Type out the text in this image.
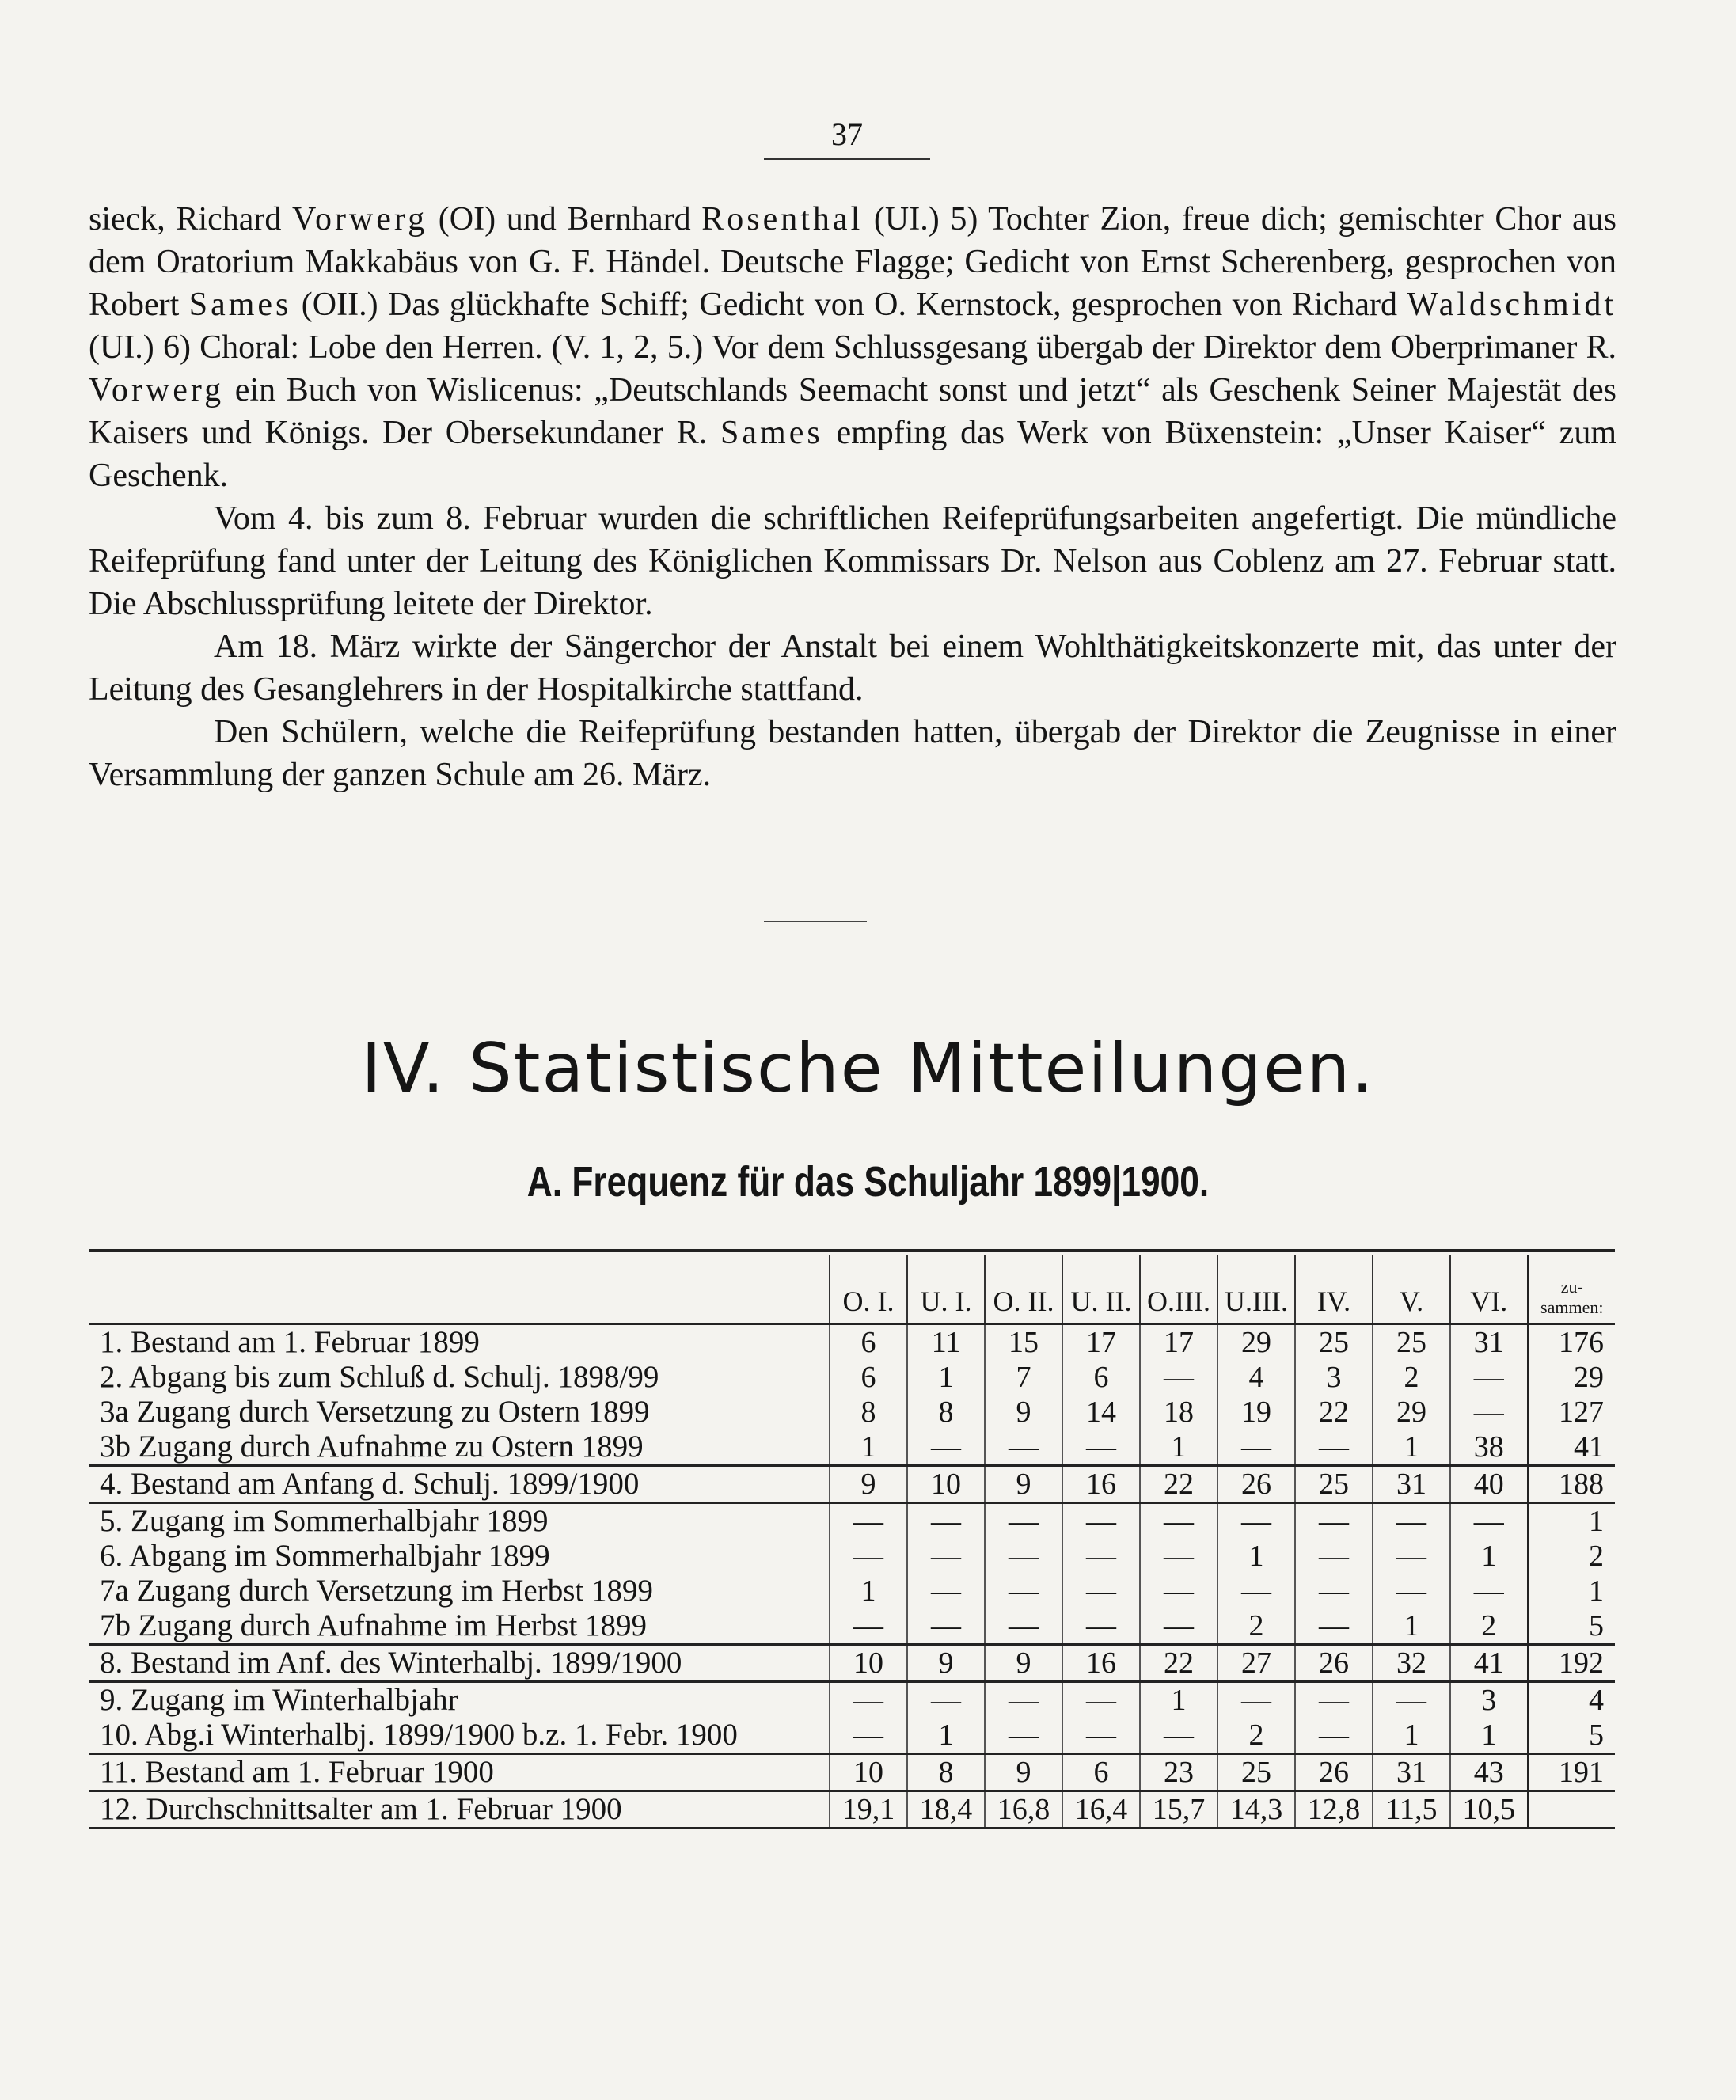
37

sieck, Richard Vorwerg (OI) und Bernhard Rosenthal (UI.) 5) Tochter Zion, freue dich; gemischter Chor aus dem Oratorium Makkabäus von G. F. Händel. Deutsche Flagge; Gedicht von Ernst Scherenberg, gesprochen von Robert Sames (OII.) Das glückhafte Schiff; Gedicht von O. Kernstock, gesprochen von Richard Waldschmidt (UI.) 6) Choral: Lobe den Herren. (V. 1, 2, 5.) Vor dem Schlussgesang übergab der Direktor dem Oberprimaner R. Vorwerg ein Buch von Wislicenus: „Deutschlands Seemacht sonst und jetzt“ als Geschenk Seiner Majestät des Kaisers und Königs. Der Obersekundaner R. Sames empfing das Werk von Büxenstein: „Unser Kaiser“ zum Geschenk.

Vom 4. bis zum 8. Februar wurden die schriftlichen Reifeprüfungsarbeiten angefertigt. Die mündliche Reifeprüfung fand unter der Leitung des Königlichen Kommissars Dr. Nelson aus Coblenz am 27. Februar statt. Die Abschlussprüfung leitete der Direktor.

Am 18. März wirkte der Sängerchor der Anstalt bei einem Wohlthätigkeitskonzerte mit, das unter der Leitung des Gesanglehrers in der Hospitalkirche stattfand.

Den Schülern, welche die Reifeprüfung bestanden hatten, übergab der Direktor die Zeugnisse in einer Versammlung der ganzen Schule am 26. März.

IV. Statistische Mitteilungen.
A. Frequenz für das Schuljahr 1899|1900.

	O. I.	U. I.	O. II.	U. II.	O.III.	U.III.	IV.	V.	VI.	zu-
sammen:
1. Bestand am 1. Februar 1899	6	11	15	17	17	29	25	25	31	176
2. Abgang bis zum Schluß d. Schulj. 1898/99	6	1	7	6	—	4	3	2	—	29
3a Zugang durch Versetzung zu Ostern 1899	8	8	9	14	18	19	22	29	—	127
3b Zugang durch Aufnahme zu Ostern 1899	1	—	—	—	1	—	—	1	38	41
4. Bestand am Anfang d. Schulj. 1899/1900	9	10	9	16	22	26	25	31	40	188
5. Zugang im Sommerhalbjahr 1899	—	—	—	—	—	—	—	—	—	1
6. Abgang im Sommerhalbjahr 1899	—	—	—	—	—	1	—	—	1	2
7a Zugang durch Versetzung im Herbst 1899	1	—	—	—	—	—	—	—	—	1
7b Zugang durch Aufnahme im Herbst 1899	—	—	—	—	—	2	—	1	2	5
8. Bestand im Anf. des Winterhalbj. 1899/1900	10	9	9	16	22	27	26	32	41	192
9. Zugang im Winterhalbjahr	—	—	—	—	1	—	—	—	3	4
10. Abg.i Winterhalbj. 1899/1900 b.z. 1. Febr. 1900	—	1	—	—	—	2	—	1	1	5
11. Bestand am 1. Februar 1900	10	8	9	6	23	25	26	31	43	191
12. Durchschnittsalter am 1. Februar 1900	19,1	18,4	16,8	16,4	15,7	14,3	12,8	11,5	10,5	
